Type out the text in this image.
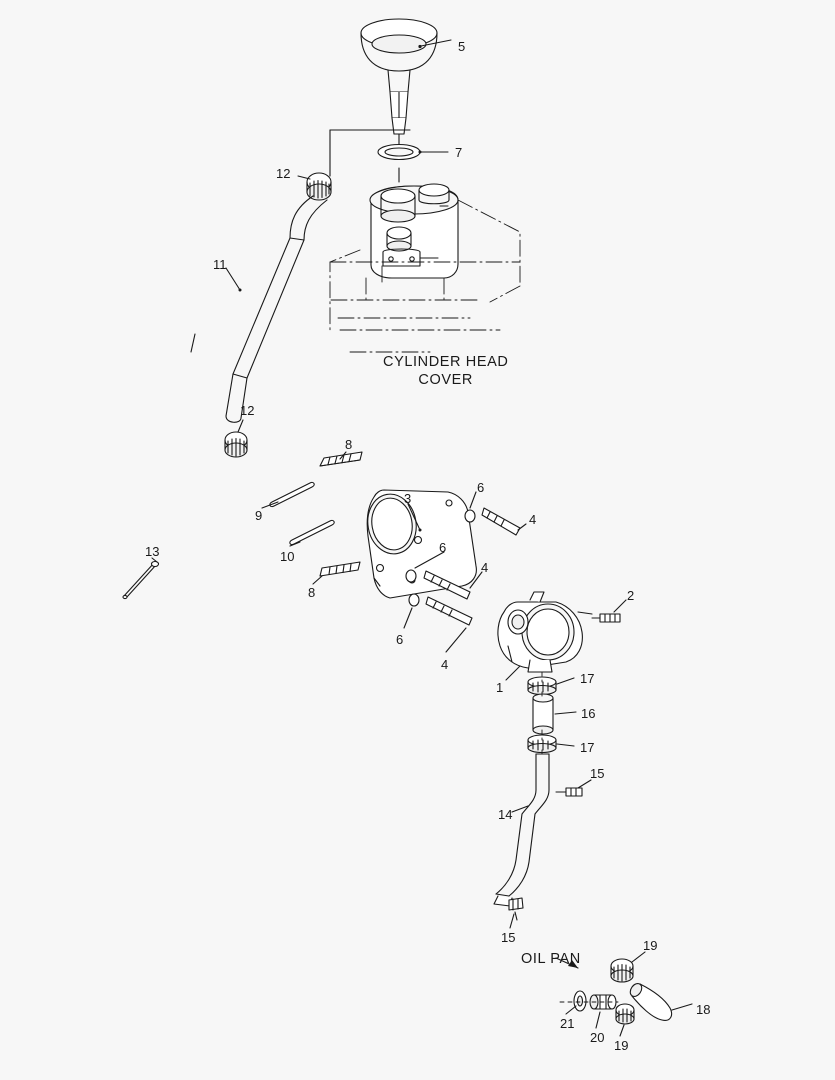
CYLINDER HEAD
COVER
OIL PAN
5
7
12
11
12
8
3
6
4
9
10
6
4
13
8
6
4
2
1
17
16
17
15
14
15
19
18
21
20
19
